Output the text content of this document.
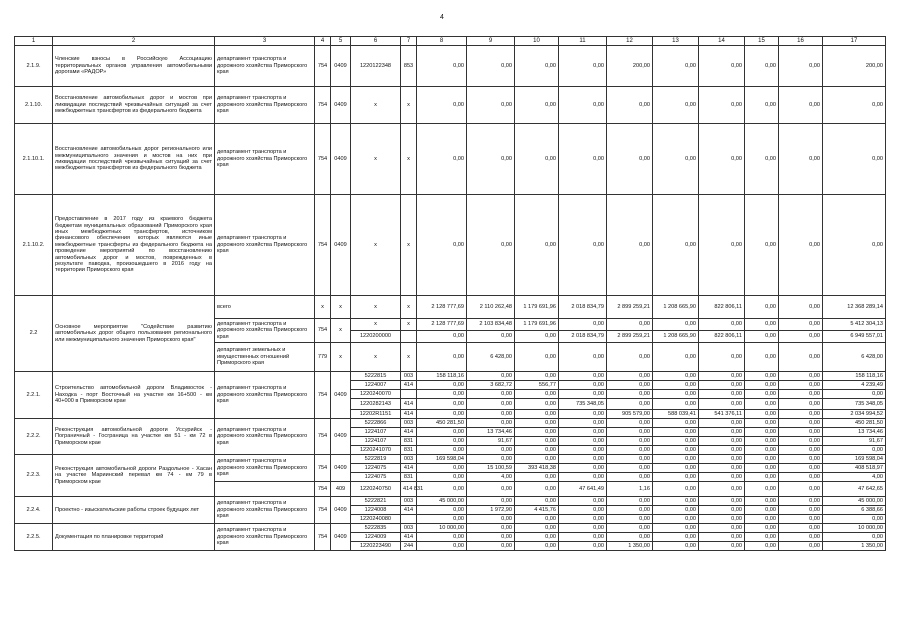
4
1	2	3	4	5	6	7	8	9	10	11	12	13	14	15	16	17
2.1.9.	Членские взносы в Российскую Ассоциацию территориальных органов управления автомобильными дорогами «РАДОР»	департамент транспорта и дорожного хозяйства Приморского края	754	0409	1220122348	853	0,00	0,00	0,00	0,00	200,00	0,00	0,00	0,00	0,00	200,00
2.1.10.	Восстановление автомобильных дорог и мостов при ликвидации последствий чрезвычайных ситуаций за счет межбюджетных трансфертов из федерального бюджета	департамент транспорта и дорожного хозяйства Приморского края	754	0409	x	x	0,00	0,00	0,00	0,00	0,00	0,00	0,00	0,00	0,00	0,00
2.1.10.1.	Восстановление автомобильных дорог регионального или межмуниципального значения и мостов на них при ликвидации последствий чрезвычайных ситуаций за счет межбюджетных трансфертов из федерального бюджета	департамент транспорта и дорожного хозяйства Приморского края	754	0409	x	x	0,00	0,00	0,00	0,00	0,00	0,00	0,00	0,00	0,00	0,00
2.1.10.2.	Предоставление в 2017 году из краевого бюджета бюджетам муниципальных образований Приморского края иных межбюджетных трансфертов, источником финансового обеспечения которых являются иные межбюджетные трансферты из федерального бюджета на проведение мероприятий по восстановлению автомобильных дорог и мостов, поврежденных в результате паводка, произошедшего в 2016 году на территории Приморского края	департамент транспорта и дорожного хозяйства Приморского края	754	0409	x	x	0,00	0,00	0,00	0,00	0,00	0,00	0,00	0,00	0,00	0,00
2.2	Основное мероприятие "Содействие развитию автомобильных дорог общего пользования регионального или межмуниципального значения Приморского края"	всего	x	x	x	x	2 128 777,69	2 110 262,48	1 179 691,96	2 018 834,79	2 899 259,21	1 208 665,90	822 806,11	0,00	0,00	12 368 289,14
		департамент транспорта и дорожного хозяйства Приморского края	754	x	x	x	2 128 777,69	2 103 834,48	1 179 691,96	0,00	0,00	0,00	0,00	0,00	0,00	5 412 304,13
					1220200000		0,00	0,00	0,00	2 018 834,79	2 899 259,21	1 208 665,90	822 806,11	0,00	0,00	6 949 557,01
		департамент земельных и имущественных отношений Приморского края	779	x	x	x	0,00	6 428,00	0,00	0,00	0,00	0,00	0,00	0,00	0,00	6 428,00
2.2.1.	Строительство автомобильной дороги Владивосток - Находка - порт Восточный на участке км 16+500 - км 40+000 в Приморском крае	департамент транспорта и дорожного хозяйства Приморского края	754	0409	5222815	003	158 118,16	0,00	0,00	0,00	0,00	0,00	0,00	0,00	0,00	158 118,16
					1224007	414	0,00	3 682,72	556,77	0,00	0,00	0,00	0,00	0,00	0,00	4 239,49
					1220240070		0,00	0,00	0,00	0,00	0,00	0,00	0,00	0,00	0,00	0,00
					1220282143	414	0,00	0,00	0,00	735 348,05	0,00	0,00	0,00	0,00	0,00	735 348,05
					12202R1151	414	0,00	0,00	0,00	0,00	905 579,00	588 039,41	541 376,11	0,00	0,00	2 034 994,52
2.2.2.	Реконструкция автомобильной дороги Уссурийск - Пограничный - Госграница на участке км 51 - км 72 в Приморском крае	департамент транспорта и дорожного хозяйства Приморского края	754	0409	5222866	003	450 281,50	0,00	0,00	0,00	0,00	0,00	0,00	0,00	0,00	450 281,50
					1224107	414	0,00	13 734,46	0,00	0,00	0,00	0,00	0,00	0,00	0,00	13 734,46
					1224107	831	0,00	91,67	0,00	0,00	0,00	0,00	0,00	0,00	0,00	91,67
					1220241070	831	0,00	0,00	0,00	0,00	0,00	0,00	0,00	0,00	0,00	0,00
2.2.3.	Реконструкция автомобильной дороги Раздольное - Хасан на участке Мариинский перевал км 74 - км 79 в Приморском крае	департамент транспорта и дорожного хозяйства Приморского края	754	0409	5222819	003	169 598,04	0,00	0,00	0,00	0,00	0,00	0,00	0,00	0,00	169 598,04
					1224075	414	0,00	15 100,59	393 418,38	0,00	0,00	0,00	0,00	0,00	0,00	408 518,97
					1224075	831	0,00	4,00	0,00	0,00	0,00	0,00	0,00	0,00	0,00	4,00
			754	409	1220240750	414 831	0,00	0,00	0,00	47 641,49	1,16	0,00	0,00	0,00	0,00	47 642,65
2.2.4.	Проектно - изыскательские работы строек будущих лет	департамент транспорта и дорожного хозяйства Приморского края	754	0409	5222821	003	45 000,00	0,00	0,00	0,00	0,00	0,00	0,00	0,00	0,00	45 000,00
					1224008	414	0,00	1 972,90	4 415,76	0,00	0,00	0,00	0,00	0,00	0,00	6 388,66
					1220240080		0,00	0,00	0,00	0,00	0,00	0,00	0,00	0,00	0,00	0,00
2.2.5.	Документация по планировке территорий	департамент транспорта и дорожного хозяйства Приморского края	754	0409	5222835	003	10 000,00	0,00	0,00	0,00	0,00	0,00	0,00	0,00	0,00	10 000,00
					1224009	414	0,00	0,00	0,00	0,00	0,00	0,00	0,00	0,00	0,00	0,00
					1220223490	244	0,00	0,00	0,00	0,00	1 350,00	0,00	0,00	0,00	0,00	1 350,00
